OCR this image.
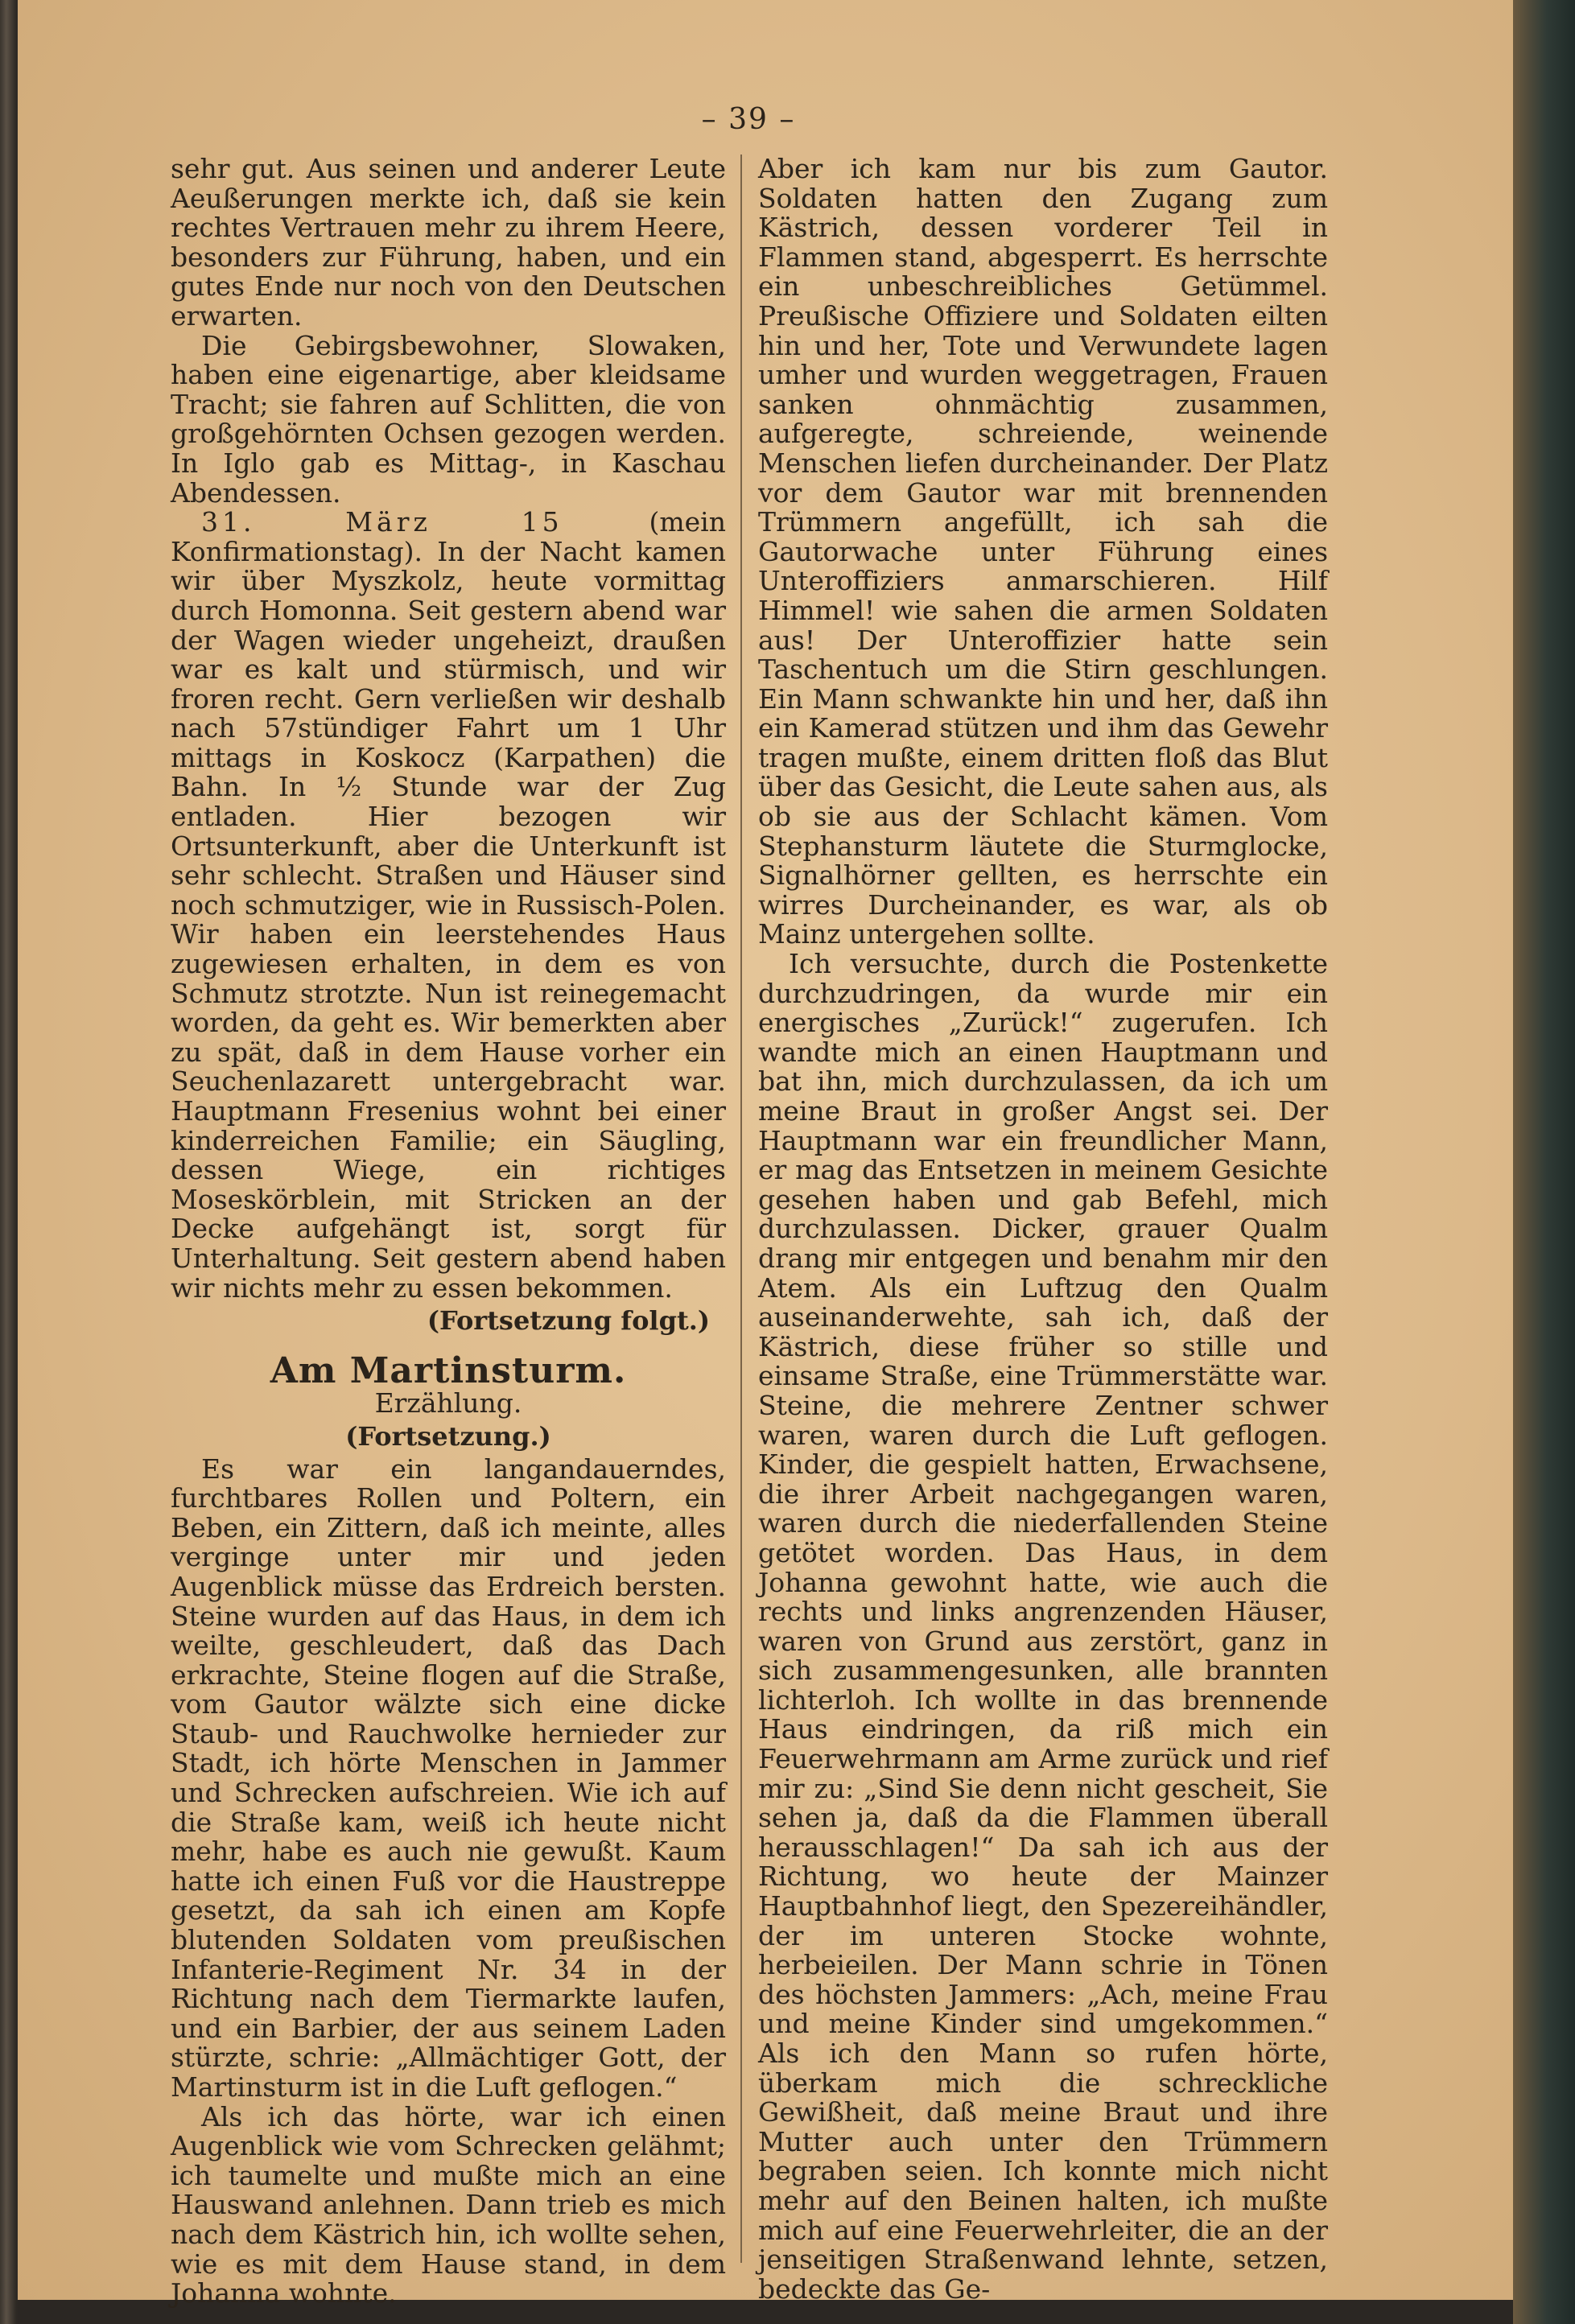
– 39 –

sehr gut. Aus seinen und anderer Leute Aeußerungen merkte ich, daß sie kein rechtes Vertrauen mehr zu ihrem Heere, besonders zur Führung, haben, und ein gutes Ende nur noch von den Deutschen erwarten.

Die Gebirgsbewohner, Slowaken, haben eine eigenartige, aber kleidsame Tracht; sie fahren auf Schlitten, die von großgehörnten Ochsen gezogen werden. In Iglo gab es Mittag-, in Kaschau Abendessen.

31. März 15	(mein Konfirmationstag). In der Nacht kamen wir über Myszkolz, heute vormittag durch Homonna. Seit gestern abend war der Wagen wieder ungeheizt, draußen war es kalt und stürmisch, und wir froren recht. Gern verließen wir deshalb nach 57stündiger Fahrt um 1 Uhr mittags in Koskocz (Karpathen) die Bahn. In ½ Stunde war der Zug entladen. Hier bezogen wir Ortsunterkunft, aber die Unterkunft ist sehr schlecht. Straßen und Häuser sind noch schmutziger, wie in Russisch-Polen. Wir haben ein leerstehendes Haus zugewiesen erhalten, in dem es von Schmutz strotzte. Nun ist reinegemacht worden, da geht es. Wir bemerkten aber zu spät, daß in dem Hause vorher ein Seuchenlazarett untergebracht war. Hauptmann Fresenius wohnt bei einer kinderreichen Familie; ein Säugling, dessen Wiege, ein richtiges Moseskörblein, mit Stricken an der Decke aufgehängt ist, sorgt für Unterhaltung. Seit gestern abend haben wir nichts mehr zu essen bekommen.

(Fortsetzung folgt.)
Am Martinsturm.
Erzählung.
(Fortsetzung.)

Es war ein langandauerndes, furchtbares Rollen und Poltern, ein Beben, ein Zittern, daß ich meinte, alles verginge unter mir und jeden Augenblick müsse das Erdreich bersten. Steine wurden auf das Haus, in dem ich weilte, geschleudert, daß das Dach erkrachte, Steine flogen auf die Straße, vom Gautor wälzte sich eine dicke Staub- und Rauchwolke hernieder zur Stadt, ich hörte Menschen in Jammer und Schrecken aufschreien. Wie ich auf die Straße kam, weiß ich heute nicht mehr, habe es auch nie gewußt. Kaum hatte ich einen Fuß vor die Haustreppe gesetzt, da sah ich einen am Kopfe blutenden Soldaten vom preußischen Infanterie-Regiment Nr. 34 in der Richtung nach dem Tiermarkte laufen, und ein Barbier, der aus seinem Laden stürzte, schrie: „Allmächtiger Gott, der Martinsturm ist in die Luft geflogen.“

Als ich das hörte, war ich einen Augenblick wie vom Schrecken gelähmt; ich taumelte und mußte mich an eine Hauswand anlehnen. Dann trieb es mich nach dem Kästrich hin, ich wollte sehen, wie es mit dem Hause stand, in dem Johanna wohnte.

Aber ich kam nur bis zum Gautor. Soldaten hatten den Zugang zum Kästrich, dessen vorderer Teil in Flammen stand, abgesperrt. Es herrschte ein unbeschreibliches Getümmel. Preußische Offiziere und Soldaten eilten hin und her, Tote und Verwundete lagen umher und wurden weggetragen, Frauen sanken ohnmächtig zusammen, aufgeregte, schreiende, weinende Menschen liefen durcheinander. Der Platz vor dem Gautor war mit brennenden Trümmern angefüllt, ich sah die Gautorwache unter Führung eines Unteroffiziers anmarschieren. Hilf Himmel! wie sahen die armen Soldaten aus! Der Unteroffizier hatte sein Taschentuch um die Stirn geschlungen. Ein Mann schwankte hin und her, daß ihn ein Kamerad stützen und ihm das Gewehr tragen mußte, einem dritten floß das Blut über das Gesicht, die Leute sahen aus, als ob sie aus der Schlacht kämen. Vom Stephansturm läutete die Sturmglocke, Signalhörner gellten, es herrschte ein wirres Durcheinander, es war, als ob Mainz untergehen sollte.

Ich versuchte, durch die Postenkette durchzudringen, da wurde mir ein energisches „Zurück!“ zugerufen. Ich wandte mich an einen Hauptmann und bat ihn, mich durchzulassen, da ich um meine Braut in großer Angst sei. Der Hauptmann war ein freundlicher Mann, er mag das Entsetzen in meinem Gesichte gesehen haben und gab Befehl, mich durchzulassen. Dicker, grauer Qualm drang mir entgegen und benahm mir den Atem. Als ein Luftzug den Qualm auseinanderwehte, sah ich, daß der Kästrich, diese früher so stille und einsame Straße, eine Trümmerstätte war. Steine, die mehrere Zentner schwer waren, waren durch die Luft geflogen. Kinder, die gespielt hatten, Erwachsene, die ihrer Arbeit nachgegangen waren, waren durch die niederfallenden Steine getötet worden. Das Haus, in dem Johanna gewohnt hatte, wie auch die rechts und links angrenzenden Häuser, waren von Grund aus zerstört, ganz in sich zusammengesunken, alle brannten lichterloh. Ich wollte in das brennende Haus eindringen, da riß mich ein Feuerwehrmann am Arme zurück und rief mir zu: „Sind Sie denn nicht gescheit, Sie sehen ja, daß da die Flammen überall herausschlagen!“ Da sah ich aus der Richtung, wo heute der Mainzer Hauptbahnhof liegt, den Spezereihändler, der im unteren Stocke wohnte, herbeieilen. Der Mann schrie in Tönen des höchsten Jammers: „Ach, meine Frau und meine Kinder sind umgekommen.“ Als ich den Mann so rufen hörte, überkam mich die schreckliche Gewißheit, daß meine Braut und ihre Mutter auch unter den Trümmern begraben seien. Ich konnte mich nicht mehr auf den Beinen halten, ich mußte mich auf eine Feuerwehrleiter, die an der jenseitigen Straßenwand lehnte, setzen, bedeckte das Ge-
